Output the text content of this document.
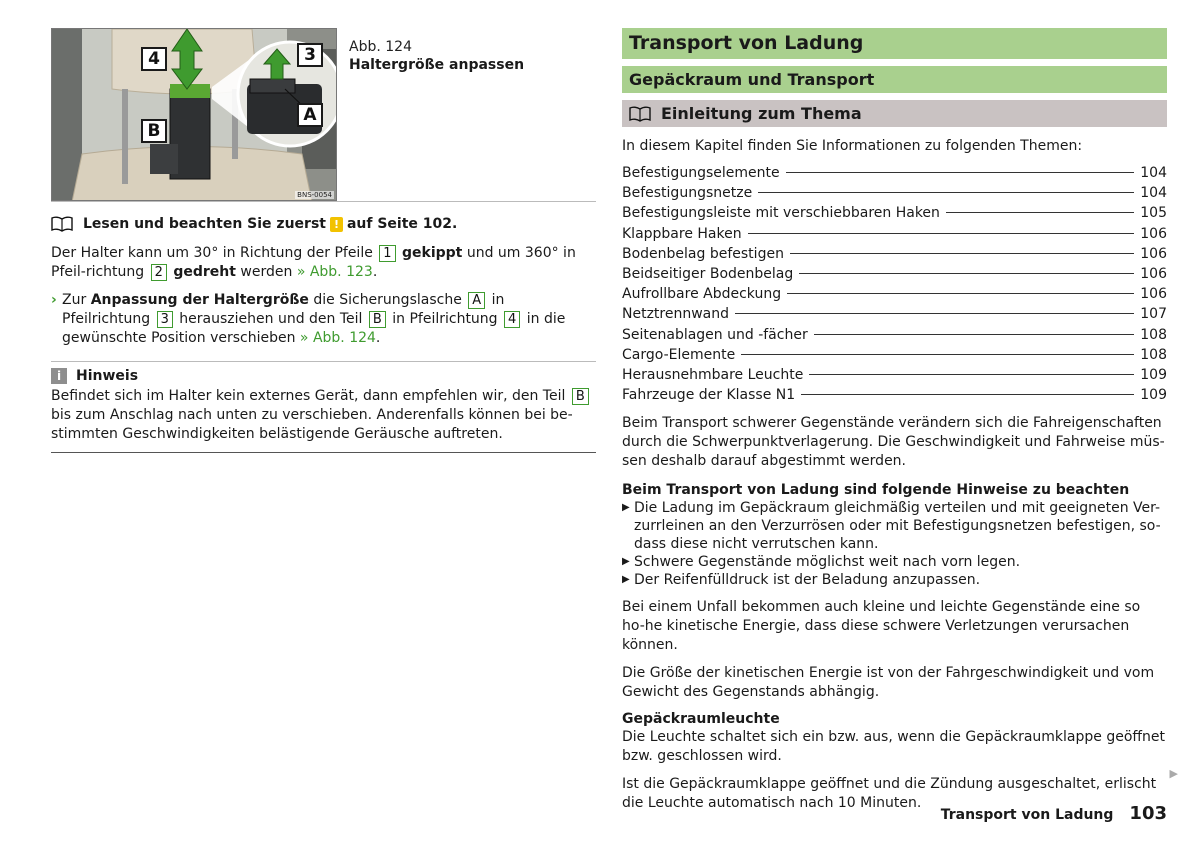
4	3
A
B
BNS-0054
Abb. 124
Haltergröße anpassen
Lesen und beachten Sie zuerst ! auf Seite 102.
Der Halter kann um 30° in Richtung der Pfeile 1 gekippt und um 360° in Pfeil-richtung 2 gedreht werden » Abb. 123.
› Zur Anpassung der Haltergröße die Sicherungslasche A in Pfeilrichtung 3 herausziehen und den Teil B in Pfeilrichtung 4 in die gewünschte Position verschieben » Abb. 124.
i	Hinweis
Befindet sich im Halter kein externes Gerät, dann empfehlen wir, den Teil B bis zum Anschlag nach unten zu verschieben. Anderenfalls können bei be-stimmten Geschwindigkeiten belästigende Geräusche auftreten.
Transport von Ladung
Gepäckraum und Transport
Einleitung zum Thema
In diesem Kapitel finden Sie Informationen zu folgenden Themen:
Befestigungselemente	104
Befestigungsnetze	104
Befestigungsleiste mit verschiebbaren Haken	105
Klappbare Haken	106
Bodenbelag befestigen	106
Beidseitiger Bodenbelag	106
Aufrollbare Abdeckung	106
Netztrennwand	107
Seitenablagen und -fächer	108
Cargo-Elemente	108
Herausnehmbare Leuchte	109
Fahrzeuge der Klasse N1	109
Beim Transport schwerer Gegenstände verändern sich die Fahreigenschaften durch die Schwerpunktverlagerung. Die Geschwindigkeit und Fahrweise müs-sen deshalb darauf abgestimmt werden.
Beim Transport von Ladung sind folgende Hinweise zu beachten
▶ Die Ladung im Gepäckraum gleichmäßig verteilen und mit geeigneten Ver-zurrleinen an den Verzurrösen oder mit Befestigungsnetzen befestigen, so-dass diese nicht verrutschen kann.
▶ Schwere Gegenstände möglichst weit nach vorn legen.
▶ Der Reifenfülldruck ist der Beladung anzupassen.
Bei einem Unfall bekommen auch kleine und leichte Gegenstände eine so ho-he kinetische Energie, dass diese schwere Verletzungen verursachen können.
Die Größe der kinetischen Energie ist von der Fahrgeschwindigkeit und vom Gewicht des Gegenstands abhängig.
Gepäckraumleuchte
Die Leuchte schaltet sich ein bzw. aus, wenn die Gepäckraumklappe geöffnet bzw. geschlossen wird.
Ist die Gepäckraumklappe geöffnet und die Zündung ausgeschaltet, erlischt die Leuchte automatisch nach 10 Minuten.
▶
Transport von Ladung 103
